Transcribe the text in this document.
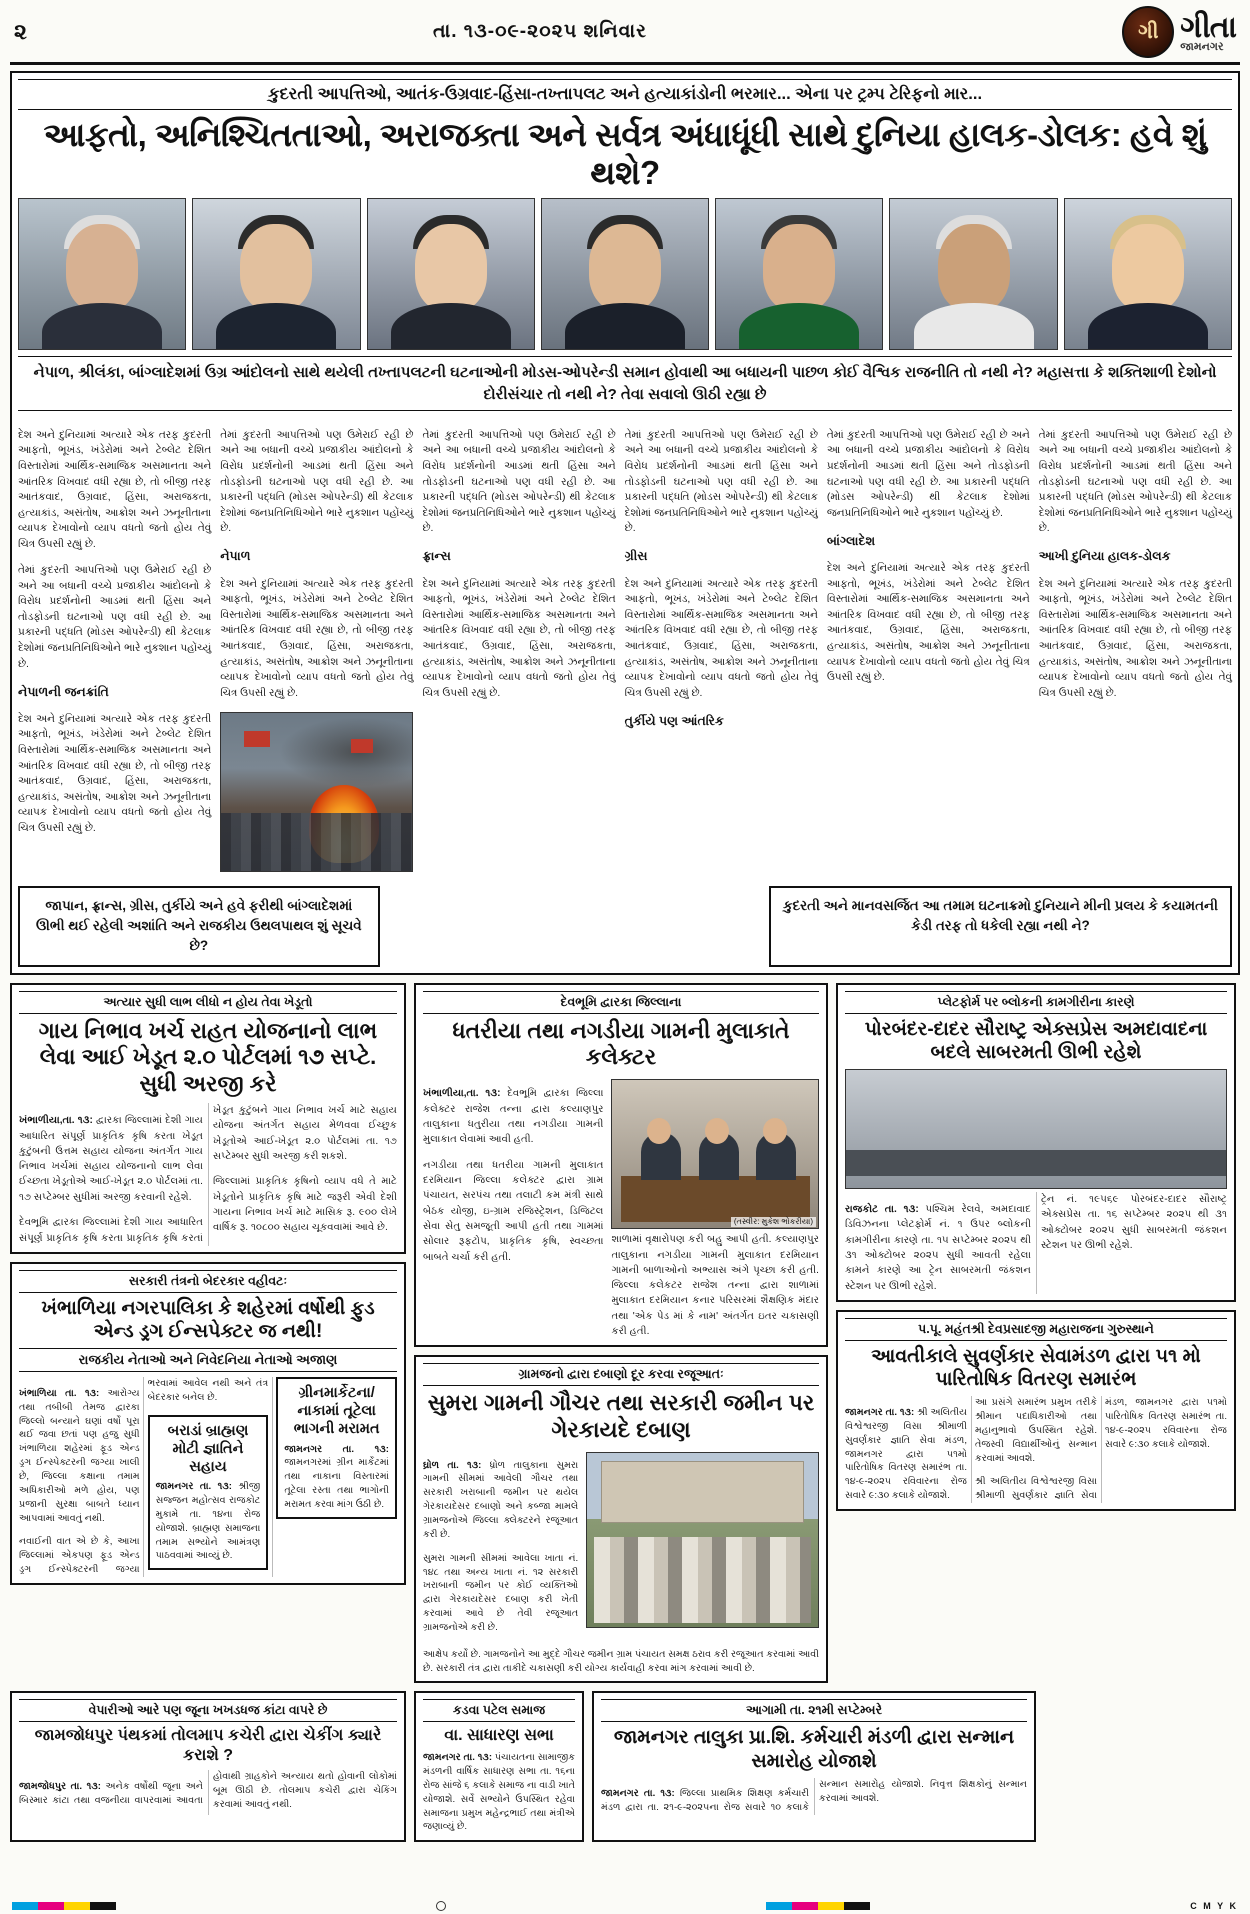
૨	તા. ૧૩-૦૯-૨૦૨૫ શનિવાર	ગી ગીતા
જામનગર
કુદરતી આપત્તિઓ, આતંક-ઉગ્રવાદ-હિંસા-તખ્તાપલટ અને હત્યાકાંડોની ભરમાર... એના પર ટ્રમ્પ ટેરિફનો માર...
આફતો, અનિશ્ચિતતાઓ, અરાજક્તા અને સર્વત્ર અંધાધૂંધી સાથે દુનિયા હાલક-ડોલક: હવે શું થશે?
નેપાળ, શ્રીલંકા, બાંગ્લાદેશમાં ઉગ્ર આંદોલનો સાથે થયેલી તખ્તાપલટની ઘટનાઓની મોડસ-ઓપરેન્ડી સમાન હોવાથી આ બધાયની પાછળ કોઈ વૈશ્વિક રાજનીતિ તો નથી ને? મહાસત્તા કે શક્તિશાળી દેશોનો દોરીસંચાર તો નથી ને? તેવા સવાલો ઊઠી રહ્યા છે

દેશ અને દુનિયામાં અત્યારે એક તરફ કુદરતી આફતો, ભૂખંડ, ખંડેરોમાં અને ટેબ્લેટ દેશિત વિસ્તારોમાં આર્થિક-સમાજિક અસમાનતા અને આંતરિક વિખવાદ વધી રહ્યા છે, તો બીજી તરફ આતંકવાદ, ઉગ્રવાદ, હિંસા, અરાજકતા, હત્યાકાંડ, અસંતોષ, આક્રોશ અને ઝનૂનીતાના વ્યાપક દેખાવોનો વ્યાપ વધતો જતો હોય તેવું ચિત્ર ઉપસી રહ્યું છે.

તેમાં કુદરતી આપત્તિઓ પણ ઉમેરાઈ રહી છે અને આ બધાની વચ્ચે પ્રજાકીય આંદોલનો કે વિરોધ પ્રદર્શનોની આડમાં થતી હિંસા અને તોડફોડની ઘટનાઓ પણ વધી રહી છે. આ પ્રકારની પદ્ધતિ (મોડસ ઓપરેન્ડી) થી કેટલાક દેશોમાં જનપ્રતિનિધિઓને ભારે નુકશાન પહોંચ્યું છે.

નેપાળની જનક્રાંતિ

દેશ અને દુનિયામાં અત્યારે એક તરફ કુદરતી આફતો, ભૂખંડ, ખંડેરોમાં અને ટેબ્લેટ દેશિત વિસ્તારોમાં આર્થિક-સમાજિક અસમાનતા અને આંતરિક વિખવાદ વધી રહ્યા છે, તો બીજી તરફ આતંકવાદ, ઉગ્રવાદ, હિંસા, અરાજકતા, હત્યાકાંડ, અસંતોષ, આક્રોશ અને ઝનૂનીતાના વ્યાપક દેખાવોનો વ્યાપ વધતો જતો હોય તેવું ચિત્ર ઉપસી રહ્યું છે.

તેમાં કુદરતી આપત્તિઓ પણ ઉમેરાઈ રહી છે અને આ બધાની વચ્ચે પ્રજાકીય આંદોલનો કે વિરોધ પ્રદર્શનોની આડમાં થતી હિંસા અને તોડફોડની ઘટનાઓ પણ વધી રહી છે. આ પ્રકારની પદ્ધતિ (મોડસ ઓપરેન્ડી) થી કેટલાક દેશોમાં જનપ્રતિનિધિઓને ભારે નુકશાન પહોંચ્યું છે.

નેપાળ

દેશ અને દુનિયામાં અત્યારે એક તરફ કુદરતી આફતો, ભૂખંડ, ખંડેરોમાં અને ટેબ્લેટ દેશિત વિસ્તારોમાં આર્થિક-સમાજિક અસમાનતા અને આંતરિક વિખવાદ વધી રહ્યા છે, તો બીજી તરફ આતંકવાદ, ઉગ્રવાદ, હિંસા, અરાજકતા, હત્યાકાંડ, અસંતોષ, આક્રોશ અને ઝનૂનીતાના વ્યાપક દેખાવોનો વ્યાપ વધતો જતો હોય તેવું ચિત્ર ઉપસી રહ્યું છે.

તેમાં કુદરતી આપત્તિઓ પણ ઉમેરાઈ રહી છે અને આ બધાની વચ્ચે પ્રજાકીય આંદોલનો કે વિરોધ પ્રદર્શનોની આડમાં થતી હિંસા અને તોડફોડની ઘટનાઓ પણ વધી રહી છે. આ પ્રકારની પદ્ધતિ (મોડસ ઓપરેન્ડી) થી કેટલાક દેશોમાં જનપ્રતિનિધિઓને ભારે નુકશાન પહોંચ્યું છે.

ફ્રાન્સ

દેશ અને દુનિયામાં અત્યારે એક તરફ કુદરતી આફતો, ભૂખંડ, ખંડેરોમાં અને ટેબ્લેટ દેશિત વિસ્તારોમાં આર્થિક-સમાજિક અસમાનતા અને આંતરિક વિખવાદ વધી રહ્યા છે, તો બીજી તરફ આતંકવાદ, ઉગ્રવાદ, હિંસા, અરાજકતા, હત્યાકાંડ, અસંતોષ, આક્રોશ અને ઝનૂનીતાના વ્યાપક દેખાવોનો વ્યાપ વધતો જતો હોય તેવું ચિત્ર ઉપસી રહ્યું છે.

તેમાં કુદરતી આપત્તિઓ પણ ઉમેરાઈ રહી છે અને આ બધાની વચ્ચે પ્રજાકીય આંદોલનો કે વિરોધ પ્રદર્શનોની આડમાં થતી હિંસા અને તોડફોડની ઘટનાઓ પણ વધી રહી છે. આ પ્રકારની પદ્ધતિ (મોડસ ઓપરેન્ડી) થી કેટલાક દેશોમાં જનપ્રતિનિધિઓને ભારે નુકશાન પહોંચ્યું છે.

ગ્રીસ

દેશ અને દુનિયામાં અત્યારે એક તરફ કુદરતી આફતો, ભૂખંડ, ખંડેરોમાં અને ટેબ્લેટ દેશિત વિસ્તારોમાં આર્થિક-સમાજિક અસમાનતા અને આંતરિક વિખવાદ વધી રહ્યા છે, તો બીજી તરફ આતંકવાદ, ઉગ્રવાદ, હિંસા, અરાજકતા, હત્યાકાંડ, અસંતોષ, આક્રોશ અને ઝનૂનીતાના વ્યાપક દેખાવોનો વ્યાપ વધતો જતો હોય તેવું ચિત્ર ઉપસી રહ્યું છે.

તુર્કીયે પણ આંતરિક

તેમાં કુદરતી આપત્તિઓ પણ ઉમેરાઈ રહી છે અને આ બધાની વચ્ચે પ્રજાકીય આંદોલનો કે વિરોધ પ્રદર્શનોની આડમાં થતી હિંસા અને તોડફોડની ઘટનાઓ પણ વધી રહી છે. આ પ્રકારની પદ્ધતિ (મોડસ ઓપરેન્ડી) થી કેટલાક દેશોમાં જનપ્રતિનિધિઓને ભારે નુકશાન પહોંચ્યું છે.

બાંગ્લાદેશ

દેશ અને દુનિયામાં અત્યારે એક તરફ કુદરતી આફતો, ભૂખંડ, ખંડેરોમાં અને ટેબ્લેટ દેશિત વિસ્તારોમાં આર્થિક-સમાજિક અસમાનતા અને આંતરિક વિખવાદ વધી રહ્યા છે, તો બીજી તરફ આતંકવાદ, ઉગ્રવાદ, હિંસા, અરાજકતા, હત્યાકાંડ, અસંતોષ, આક્રોશ અને ઝનૂનીતાના વ્યાપક દેખાવોનો વ્યાપ વધતો જતો હોય તેવું ચિત્ર ઉપસી રહ્યું છે.

તેમાં કુદરતી આપત્તિઓ પણ ઉમેરાઈ રહી છે અને આ બધાની વચ્ચે પ્રજાકીય આંદોલનો કે વિરોધ પ્રદર્શનોની આડમાં થતી હિંસા અને તોડફોડની ઘટનાઓ પણ વધી રહી છે. આ પ્રકારની પદ્ધતિ (મોડસ ઓપરેન્ડી) થી કેટલાક દેશોમાં જનપ્રતિનિધિઓને ભારે નુકશાન પહોંચ્યું છે.

આખી દુનિયા હાલક-ડોલક

દેશ અને દુનિયામાં અત્યારે એક તરફ કુદરતી આફતો, ભૂખંડ, ખંડેરોમાં અને ટેબ્લેટ દેશિત વિસ્તારોમાં આર્થિક-સમાજિક અસમાનતા અને આંતરિક વિખવાદ વધી રહ્યા છે, તો બીજી તરફ આતંકવાદ, ઉગ્રવાદ, હિંસા, અરાજકતા, હત્યાકાંડ, અસંતોષ, આક્રોશ અને ઝનૂનીતાના વ્યાપક દેખાવોનો વ્યાપ વધતો જતો હોય તેવું ચિત્ર ઉપસી રહ્યું છે.

જાપાન, ફ્રાન્સ, ગ્રીસ, તુર્કીયે અને હવે ફરીથી બાંગ્લાદેશમાં ઊભી થઈ રહેલી અશાંતિ અને રાજકીય ઉથલપાથલ શું સૂચવે છે?
કુદરતી અને માનવસર્જિત આ તમામ ઘટનાક્રમો દુનિયાને મીની પ્રલય કે કયામતની કેડી તરફ તો ધકેલી રહ્યા નથી ને?
અત્યાર સુધી લાભ લીધો ન હોય તેવા ખેડૂતો
ગાય નિભાવ ખર્ચ રાહત યોજનાનો લાભ લેવા આઈ ખેડૂત ૨.૦ પોર્ટલમાં ૧૭ સપ્ટે. સુધી અરજી કરે

ખંભાળીયા,તા. ૧૩: દ્વારકા જિલ્લામાં દેશી ગાય આધારિત સંપૂર્ણ પ્રાકૃતિક કૃષિ કરતા ખેડૂત કુટુંબની ઉત્તમ સહાય યોજના અંતર્ગત ગાય નિભાવ ખર્ચમાં સહાય યોજનાનો લાભ લેવા ઈચ્છતા ખેડૂતોએ આઈ-ખેડૂત ૨.૦ પોર્ટલમાં તા. ૧૭ સપ્ટેમ્બર સુધીમાં અરજી કરવાની રહેશે.

દેવભૂમિ દ્વારકા જિલ્લામાં દેશી ગાય આધારિત સંપૂર્ણ પ્રાકૃતિક કૃષિ કરતા પ્રાકૃતિક કૃષિ કરતાં ખેડૂત કુટુંબને ગાય નિભાવ ખર્ચ માટે સહાય યોજના અંતર્ગત સહાય મેળવવા ઈચ્છુક ખેડૂતોએ આઈ-ખેડૂત ૨.૦ પોર્ટલમાં તા. ૧૭ સપ્ટેમ્બર સુધી અરજી કરી શકશે.

જિલ્લામાં પ્રાકૃતિક કૃષિનો વ્યાપ વધે તે માટે ખેડૂતોને પ્રાકૃતિક કૃષિ માટે જરૂરી એવી દેશી ગાયના નિભાવ ખર્ચ માટે માસિક રૂ. ૯૦૦ લેખે વાર્ષિક રૂ. ૧૦૮૦૦ સહાય ચૂકવવામાં આવે છે.

સરકારી તંત્રનો બેદરકાર વહીવટઃ
ખંભાળિયા નગરપાલિકા કે શહેરમાં વર્ષોથી ફુડ એન્ડ ડ્રગ ઈન્સપેક્ટર જ નથી!
રાજકીય નેતાઓ અને નિવેદનિયા નેતાઓ અજાણ

ખંભાળિયા તા. ૧૩: આરોગ્ય તથા તબીબી તેમજ દ્વારકા જિલ્લો બન્યાને ઘણાં વર્ષો પૂરા થઈ જવા છતાં પણ હજુ સુધી ખંભાળિયા શહેરમાં ફૂડ એન્ડ ડ્રગ ઈન્સ્પેક્ટરની જગ્યા ખાલી છે, જિલ્લા કક્ષાના તમામ અધિકારીઓ મળે હોય, પણ પ્રજાની સુરક્ષા બાબતે ધ્યાન આપવામાં આવતું નથી.

નવાઈની વાત એ છે કે, આખા જિલ્લામાં એકપણ ફૂડ એન્ડ ડ્રગ ઈન્સ્પેક્ટરની જગ્યા ભરવામાં આવેલ નથી અને તંત્ર બેદરકાર બનેલ છે.

બરાડાં બ્રાહ્મણ મોટી જ્ઞાતિને સહાય
જામનગર તા. ૧૩: શ્રીજી સજ્જન મહોત્સવ રાજકોટ મુકામે તા. ૧૪ના રોજ યોજાશે. બ્રાહ્મણ સમાજના તમામ સભ્યોને આમંત્રણ પાઠવવામાં આવ્યું છે.
ગ્રીનમાર્કેટના/નાકામાં તૂટેલા ભાગની મરામત
જામનગર તા. ૧૩: જામનગરમાં ગ્રીન માર્કેટમાં તથા નાકાના વિસ્તારમાં તૂટેલા રસ્તા તથા ભાગોની મરામત કરવા માંગ ઉઠી છે.
દેવભૂમિ દ્વારકા જિલ્લાના
ધતરીયા તથા નગડીયા ગામની મુલાકાતે કલેક્ટર

ખંભાળીયા,તા. ૧૩: દેવભૂમિ દ્વારકા જિલ્લા કલેક્ટર રાજેશ તન્ના દ્વારા કલ્યાણપુર તાલુકાના ધતુરીયા તથા નગડીયા ગામની મુલાકાત લેવામાં આવી હતી.

નગડીયા તથા ધતરીયા ગામની મુલાકાત દરમિયાન જિલ્લા કલેક્ટર દ્વારા ગ્રામ પંચાયત, સરપંચ તથા તલાટી કમ મંત્રી સાથે બેઠક યોજી, ઇ-ગ્રામ રજિસ્ટ્રેશન, ડિજિટલ સેવા સેતુ સમજૂતી આપી હતી તથા ગામમાં સોલાર રૂફટોપ, પ્રાકૃતિક કૃષિ, સ્વચ્છતા બાબતે ચર્ચા કરી હતી.

(તસ્વીર: મુકેશ ભોકરીયા)
શાળામાં વૃક્ષારોપણ કરી બહુ આપી હતી. કલ્યાણપુર તાલુકાના નગડીયા ગામની મુલાકાત દરમિયાન ગામની બાળાઓનો અભ્યાસ અંગે પૃચ્છા કરી હતી. જિલ્લા કલેકટર રાજેશ તન્ના દ્વારા શાળામાં મુલાકાત દરમિયાન કનાર પરિસરમાં શૈક્ષણિક મંદાર તથા 'એક પેડ માં કે નામ' અંતર્ગત ઇતર ચકાસણી કરી હતી.
ગ્રામજનો દ્વારા દબાણો દૂર કરવા રજૂઆતઃ
સુમરા ગામની ગૌચર તથા સરકારી જમીન પર ગેરકાયદે દબાણ

ઘ્રોળ તા. ૧૩: ધ્રોળ તાલુકાના સુમરા ગામની સીમમાં આવેલી ગૌચર તથા સરકારી ખરાબાની જમીન પર થયેલ ગેરકાયદેસર દબાણો અને કબ્જા મામલે ગ્રામજનોએ જિલ્લા ક્લેક્ટરને રજૂઆત કરી છે.

સુમરા ગામની સીમમાં આવેલા ખાતા નં. ૧૪૮ તથા અન્ય ખાતા નં. ૧૨ સરકારી ખરાબાની જમીન પર કોઈ વ્યક્તિઓ દ્વારા ગેરકાયદેસર દબાણ કરી ખેતી કરવામાં આવે છે તેવી રજૂઆત ગ્રામજનોએ કરી છે.

આક્ષેપ કર્યો છે. ગામજનોને આ મુદ્દે ગૌચર જમીન ગ્રામ પંચાયત સમક્ષ ઠરાવ કરી રજૂઆત કરવામાં આવી છે. સરકારી તંત્ર દ્વારા તાકીદે ચકાસણી કરી યોગ્ય કાર્યવાહી કરવા માંગ કરવામાં આવી છે.
પ્લેટફોર્મ પર બ્લોકની કામગીરીના કારણે
પોરબંદર-દાદર સૌરાષ્ટ્ર એક્સપ્રેસ અમદાવાદના બદલે સાબરમતી ઊભી રહેશે

રાજકોટ તા. ૧૩: પશ્ચિમ રેલવે, અમદાવાદ ડિવિઝનના પ્લેટફોર્મ નં. ૧ ઉપર બ્લોકની કામગીરીના કારણે તા. ૧૫ સપ્ટેમ્બર ૨૦૨૫ થી ૩૧ ઓક્ટોબર ૨૦૨૫ સુધી આવતી રહેલા કામને કારણે આ ટ્રેન સાબરમતી જંકશન સ્ટેશન પર ઊભી રહેશે.

ટ્રેન નં. ૧૯૫૬૯ પોરબંદર-દાદર સૌરાષ્ટ્ર એક્સપ્રેસ તા. ૧૬ સપ્ટેમ્બર ૨૦૨૫ થી ૩૧ ઓક્ટોબર ૨૦૨૫ સુધી સાબરમતી જંકશન સ્ટેશન પર ઊભી રહેશે.

પ.પૂ. મહંતશ્રી દેવપ્રસાદજી મહારાજના ગુરુસ્થાને
આવતીકાલે સુવર્ણકાર સેવામંડળ દ્વારા ૫૧ મો પારિતોષિક વિતરણ સમારંભ

જામનગર તા. ૧૩: શ્રી અલિતીય વિશ્વેશ્વરજી વિસા શ્રીમાળી સુવર્ણકાર જ્ઞાતિ સેવા મંડળ, જામનગર દ્વારા ૫૧મો પારિતોષિક વિતરણ સમારંભ તા. ૧૪-૯-૨૦૨૫ રવિવારના રોજ સવારે ૯:૩૦ કલાકે યોજાશે.

આ પ્રસંગે સમારંભ પ્રમુખ તરીકે શ્રીમાન પદાધિકારીઓ તથા મહાનુભાવો ઉપસ્થિત રહેશે. તેજસ્વી વિદ્યાર્થીઓનું સન્માન કરવામાં આવશે.

શ્રી અલિતીય વિશ્વેશ્વરજી વિસા શ્રીમાળી સુવર્ણકાર જ્ઞાતિ સેવા મંડળ, જામનગર દ્વારા ૫૧મો પારિતોષિક વિતરણ સમારંભ તા. ૧૪-૯-૨૦૨૫ રવિવારના રોજ સવારે ૯:૩૦ કલાકે યોજાશે.

વેપારીઓ આરે પણ જૂના ખખડધજ કાંટા વાપરે છે
જામજોધપુર પંથકમાં તોલમાપ કચેરી દ્વારા ચેકીંગ ક્યારે કરાશે ?

જામજોધપુર તા. ૧૩: અનેક વર્ષોથી જૂના અને બિસ્માર કાંટા તથા વજનીયા વાપરવામાં આવતા હોવાથી ગ્રાહકોને અન્યાય થતો હોવાની લોકોમાં બૂમ ઊઠી છે. તોલમાપ કચેરી દ્વારા ચેકિંગ કરવામાં આવતું નથી.

કડવા પટેલ સમાજ
વા. સાધારણ સભા
જામનગર તા. ૧૩: પંચાયતના સામાજીક મંડળની વાર્ષિક સાધારણ સભા તા. ૧૬ના રોજ સાંજે ૬ કલાકે સમાજ ના વાડી ખાતે યોજાશે. સર્વે સભ્યોને ઉપસ્થિત રહેવા સમાજના પ્રમુખ મહેન્દ્રભાઈ તથા મંત્રીએ જણાવ્યું છે.
આગામી તા. ૨૧મી સપ્ટેમ્બરે
જામનગર તાલુકા પ્રા.શિ. કર્મચારી મંડળી દ્વારા સન્માન સમારોહ યોજાશે

જામનગર તા. ૧૩: જિલ્લા પ્રાથમિક શિક્ષણ કર્મચારી મંડળ દ્વારા તા. ૨૧-૯-૨૦૨૫ના રોજ સવારે ૧૦ કલાકે સન્માન સમારોહ યોજાશે. નિવૃત્ત શિક્ષકોનું સન્માન કરવામાં આવશે.

C M Y K
